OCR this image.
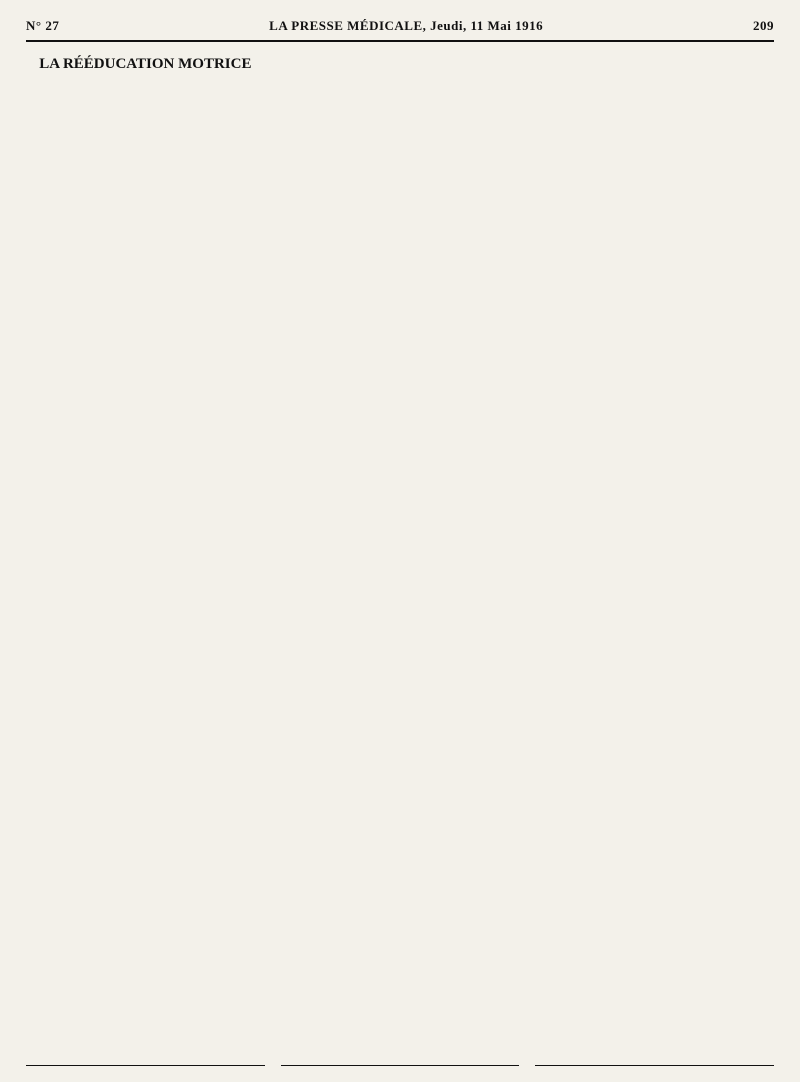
N° 27	LA PRESSE MÉDICALE, Jeudi, 11 Mai 1916	209
LA RÉÉDUCATION MOTRICE
